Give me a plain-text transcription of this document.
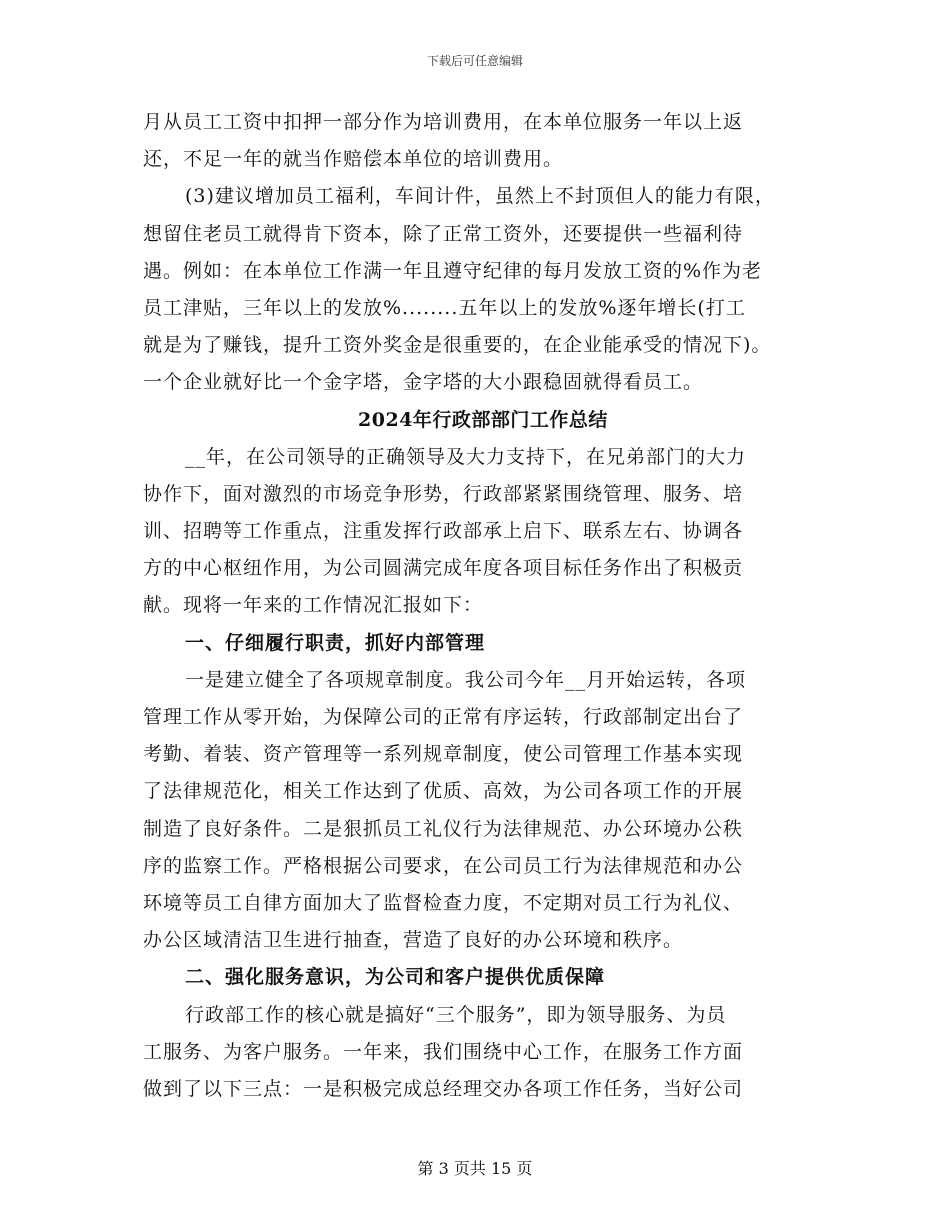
下载后可任意编辑
月从员工工资中扣押一部分作为培训费用，在本单位服务一年以上返
还，不足一年的就当作赔偿本单位的培训费用。
(3)建议增加员工福利，车间计件，虽然上不封顶但人的能力有限，
想留住老员工就得肯下资本，除了正常工资外，还要提供一些福利待
遇。例如：在本单位工作满一年且遵守纪律的每月发放工资的%作为老
员工津贴，三年以上的发放%........五年以上的发放%逐年增长(打工
就是为了赚钱，提升工资外奖金是很重要的，在企业能承受的情况下)。
一个企业就好比一个金字塔，金字塔的大小跟稳固就得看员工。
2024年行政部部门工作总结
__年，在公司领导的正确领导及大力支持下，在兄弟部门的大力
协作下，面对激烈的市场竞争形势，行政部紧紧围绕管理、服务、培
训、招聘等工作重点，注重发挥行政部承上启下、联系左右、协调各
方的中心枢纽作用，为公司圆满完成年度各项目标任务作出了积极贡
献。现将一年来的工作情况汇报如下：
一、仔细履行职责，抓好内部管理
一是建立健全了各项规章制度。我公司今年__月开始运转，各项
管理工作从零开始，为保障公司的正常有序运转，行政部制定出台了
考勤、着装、资产管理等一系列规章制度，使公司管理工作基本实现
了法律规范化，相关工作达到了优质、高效，为公司各项工作的开展
制造了良好条件。二是狠抓员工礼仪行为法律规范、办公环境办公秩
序的监察工作。严格根据公司要求，在公司员工行为法律规范和办公
环境等员工自律方面加大了监督检查力度，不定期对员工行为礼仪、
办公区域清洁卫生进行抽查，营造了良好的办公环境和秩序。
二、强化服务意识，为公司和客户提供优质保障
行政部工作的核心就是搞好“三个服务”，即为领导服务、为员
工服务、为客户服务。一年来，我们围绕中心工作，在服务工作方面
做到了以下三点：一是积极完成总经理交办各项工作任务，当好公司
第 3 页共 15 页
